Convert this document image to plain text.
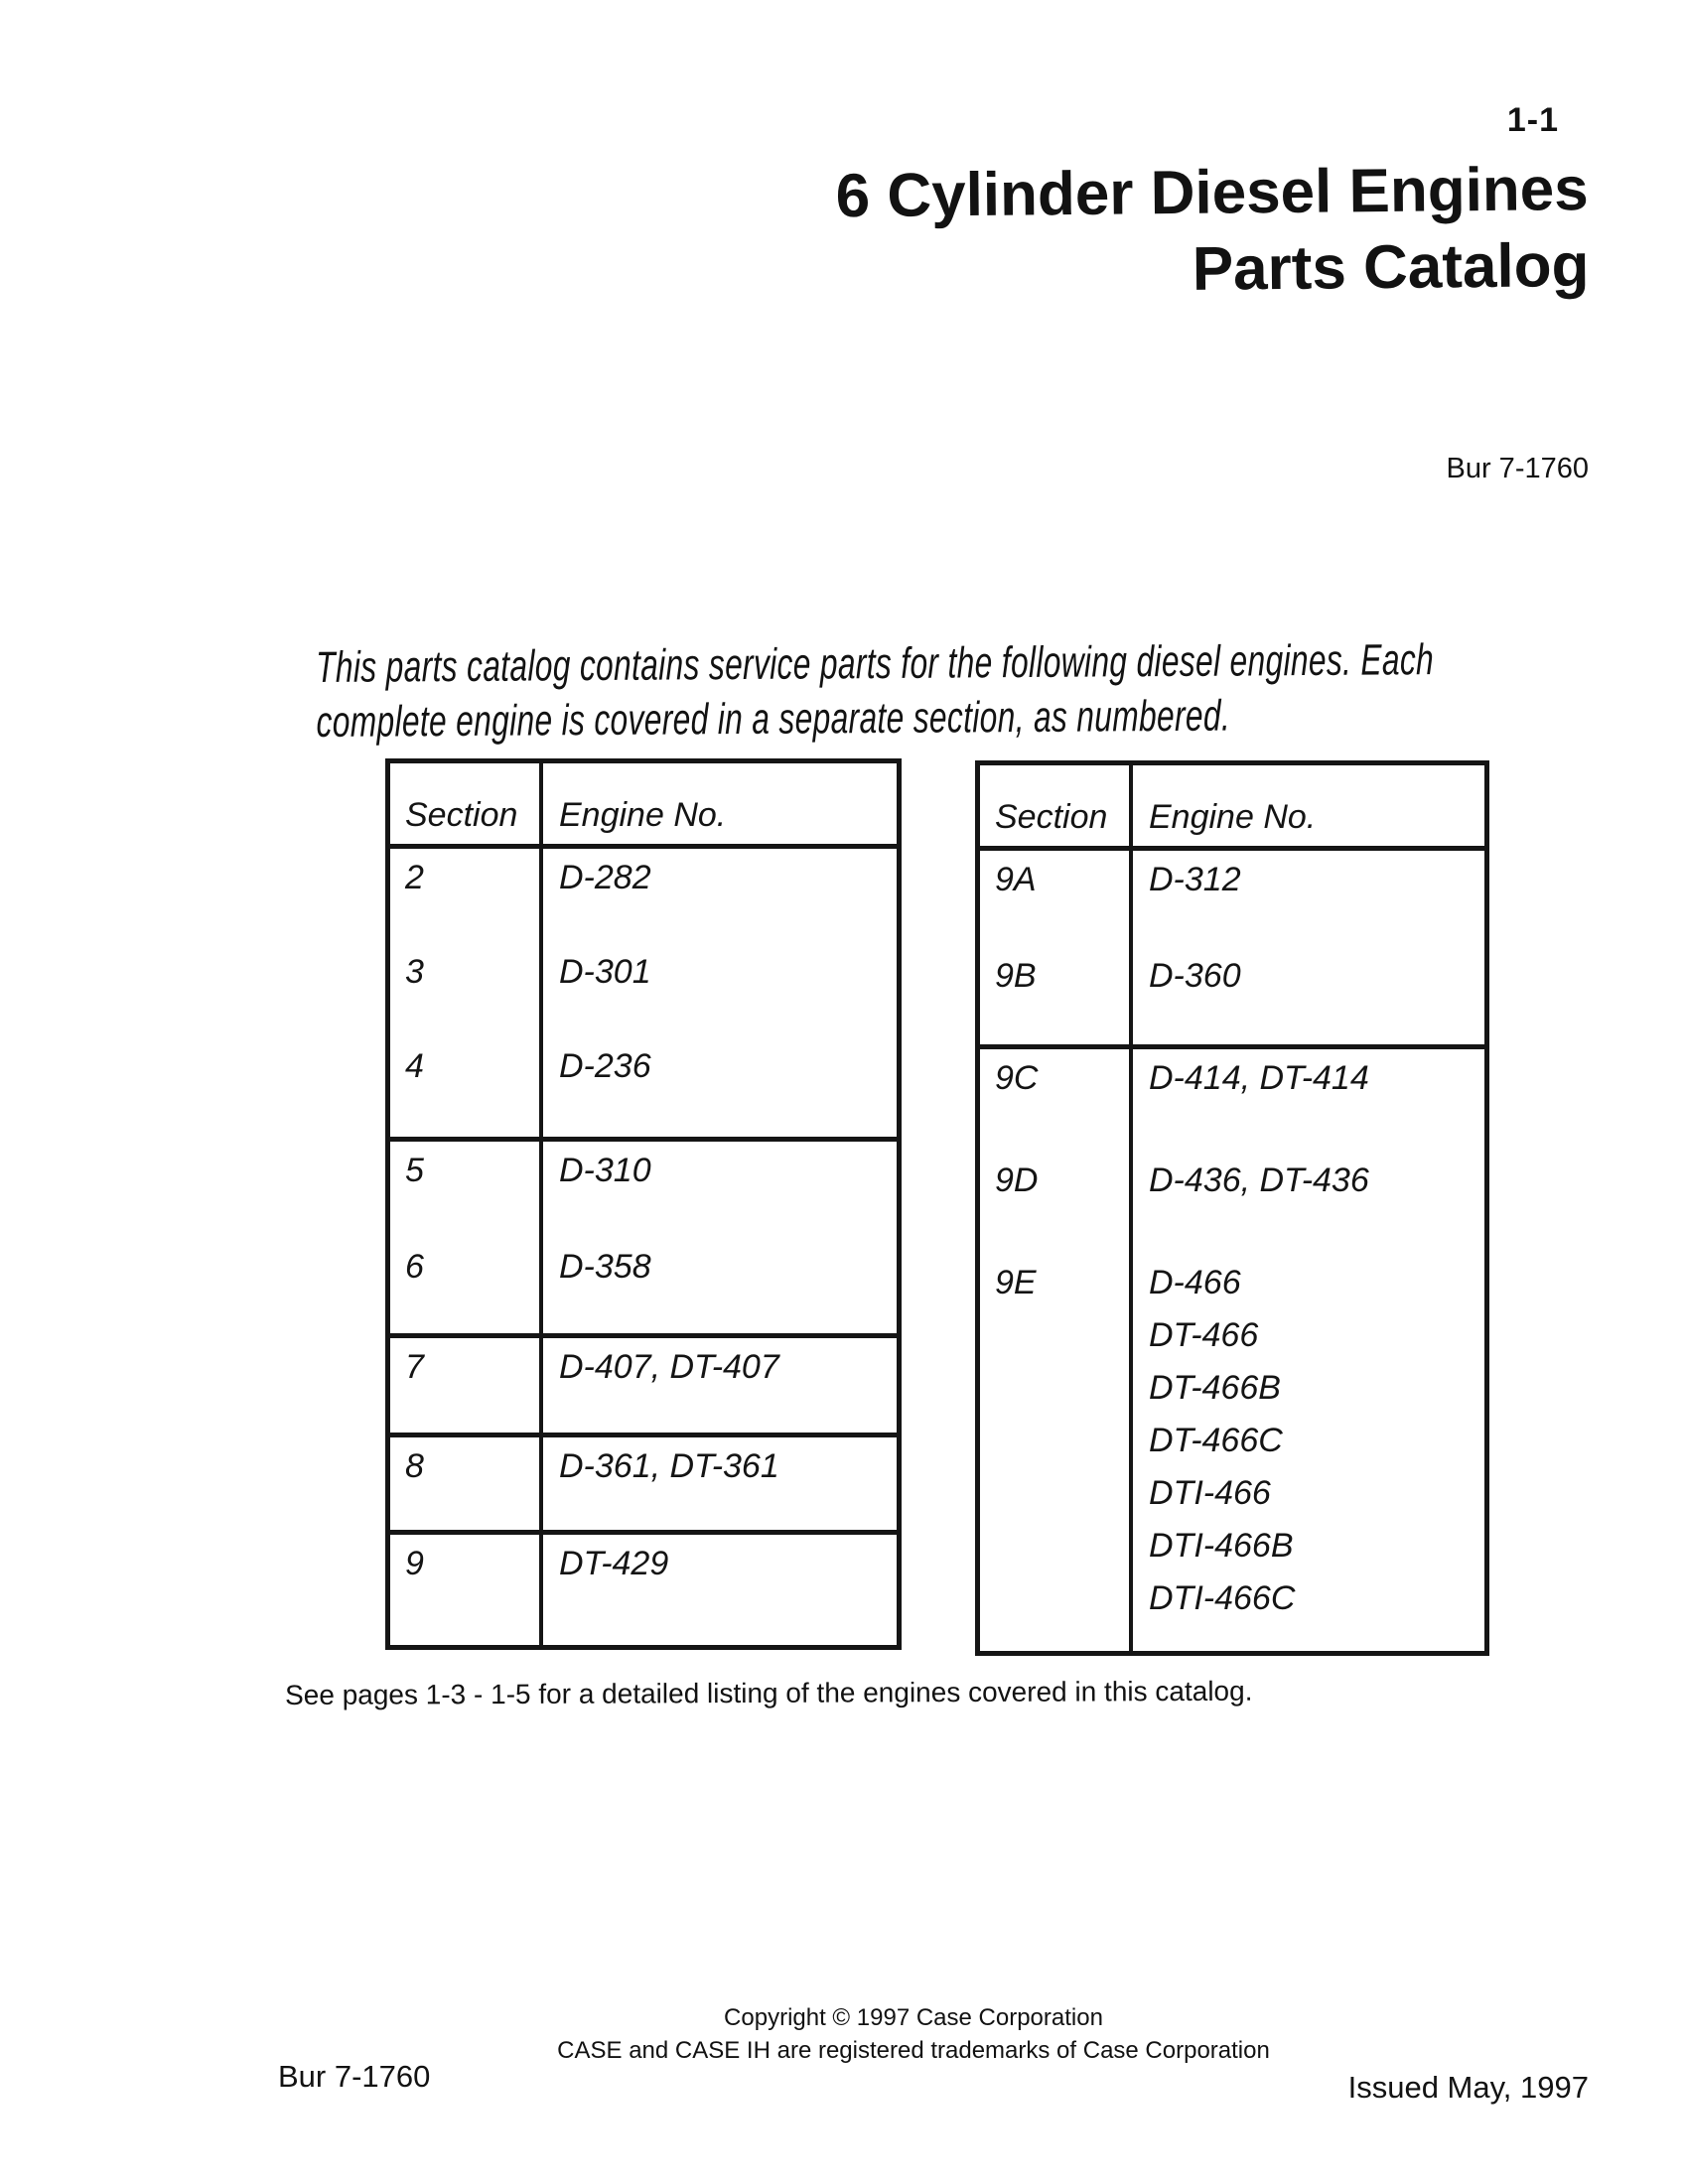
1-1
6 Cylinder Diesel Engines
Parts Catalog
Bur 7-1760
This parts catalog contains service parts for the following diesel engines. Each
complete engine is covered in a separate section, as numbered.
Section	Engine No.
2	D-282
3	D-301
4	D-236
5	D-310
6	D-358
7	D-407, DT-407
8	D-361, DT-361
9	DT-429
Section	Engine No.
9A	D-312
9B	D-360
9C	D-414, DT-414
9D	D-436, DT-436
9E	D-466
DT-466
DT-466B
DT-466C
DTI-466
DTI-466B
DTI-466C
See pages 1-3 - 1-5 for a detailed listing of the engines covered in this catalog.
Copyright © 1997 Case Corporation
CASE and CASE IH are registered trademarks of Case Corporation
Bur 7-1760	Issued May, 1997
